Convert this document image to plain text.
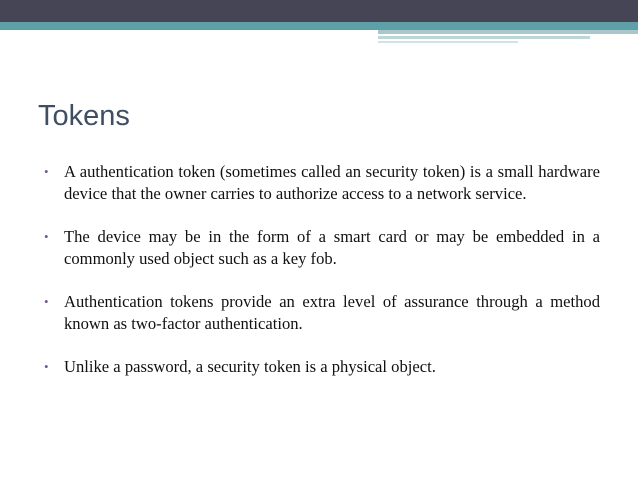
Tokens
• A authentication token (sometimes called an security token) is a small hardware device that the owner carries to authorize access to a network service.
• The device may be in the form of a smart card or may be embedded in a commonly used object such as a key fob.
• Authentication tokens provide an extra level of assurance through a method known as two-factor authentication.
• Unlike a password, a security token is a physical object.
